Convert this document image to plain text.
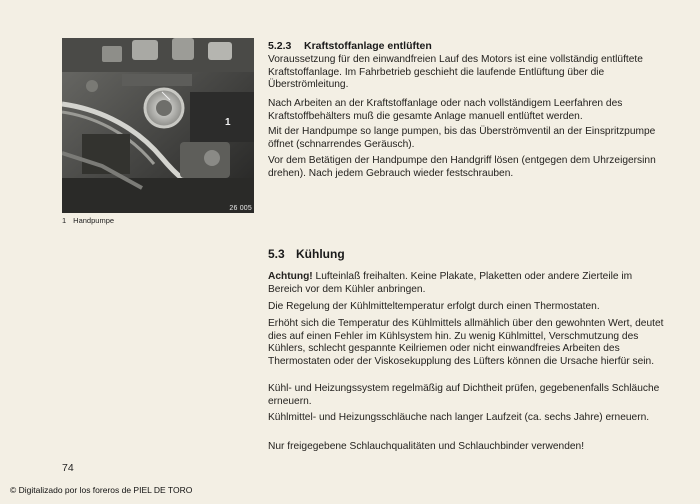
1
26 005
1 Handpumpe
5.2.3 Kraftstoffanlage entlüften
Voraussetzung für den einwandfreien Lauf des Motors ist eine vollständig entlüftete Kraftstoffanlage. Im Fahrbetrieb geschieht die laufende Entlüftung über die Überströmleitung.
Nach Arbeiten an der Kraftstoffanlage oder nach vollständigem Leerfahren des Kraftstoffbehälters muß die gesamte Anlage manuell entlüftet werden.
Mit der Handpumpe so lange pumpen, bis das Überströmventil an der Einspritzpumpe öffnet (schnarrendes Geräusch).
Vor dem Betätigen der Handpumpe den Handgriff lösen (entgegen dem Uhrzeigersinn drehen). Nach jedem Gebrauch wieder festschrauben.
5.3 Kühlung
Achtung! Lufteinlaß freihalten. Keine Plakate, Plaketten oder andere Zierteile im Bereich vor dem Kühler anbringen.
Die Regelung der Kühlmitteltemperatur erfolgt durch einen Thermostaten.
Erhöht sich die Temperatur des Kühlmittels allmählich über den gewohnten Wert, deutet dies auf einen Fehler im Kühlsystem hin. Zu wenig Kühlmittel, Verschmutzung des Kühlers, schlecht gespannte Keilriemen oder nicht einwandfreies Arbeiten des Thermostaten oder der Viskosekupplung des Lüfters können die Ursache hierfür sein.
Kühl- und Heizungssystem regelmäßig auf Dichtheit prüfen, gegebenenfalls Schläuche erneuern.
Kühlmittel- und Heizungsschläuche nach langer Laufzeit (ca. sechs Jahre) erneuern.
Nur freigegebene Schlauchqualitäten und Schlauchbinder verwenden!
74
© Digitalizado por los foreros de PIEL DE TORO
